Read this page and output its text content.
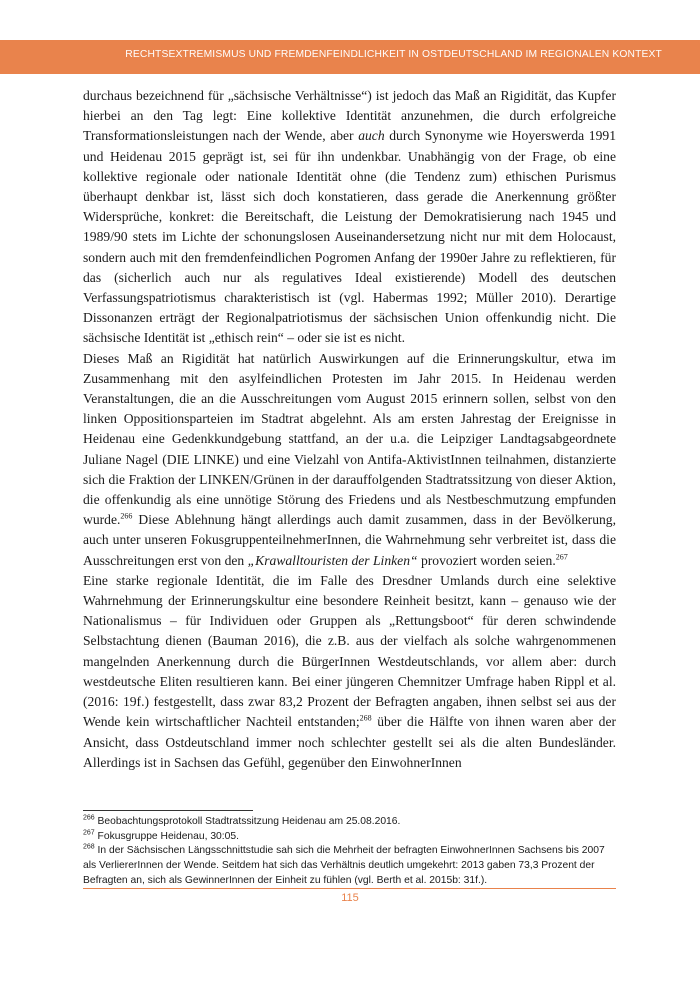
RECHTSEXTREMISMUS UND FREMDENFEINDLICHKEIT IN OSTDEUTSCHLAND IM REGIONALEN KONTEXT

durchaus bezeichnend für „sächsische Verhältnisse“) ist jedoch das Maß an Rigidität, das Kupfer hierbei an den Tag legt: Eine kollektive Identität anzunehmen, die durch erfolgreiche Transformationsleistungen nach der Wende, aber auch durch Synonyme wie Hoyerswerda 1991 und Heidenau 2015 geprägt ist, sei für ihn undenkbar. Unabhängig von der Frage, ob eine kollektive regionale oder nationale Identität ohne (die Tendenz zum) ethischen Purismus überhaupt denkbar ist, lässt sich doch konstatieren, dass gerade die Anerkennung größter Widersprüche, konkret: die Bereitschaft, die Leistung der Demokratisierung nach 1945 und 1989/90 stets im Lichte der schonungslosen Auseinandersetzung nicht nur mit dem Holocaust, sondern auch mit den fremdenfeindlichen Pogromen Anfang der 1990er Jahre zu reflektieren, für das (sicherlich auch nur als regulatives Ideal existierende) Modell des deutschen Verfassungspatriotismus charakteristisch ist (vgl. Habermas 1992; Müller 2010). Derartige Dissonanzen erträgt der Regionalpatriotismus der sächsischen Union offenkundig nicht. Die sächsische Identität ist „ethisch rein“ – oder sie ist es nicht.

Dieses Maß an Rigidität hat natürlich Auswirkungen auf die Erinnerungskultur, etwa im Zusammenhang mit den asylfeindlichen Protesten im Jahr 2015. In Heidenau werden Veranstaltungen, die an die Ausschreitungen vom August 2015 erinnern sollen, selbst von den linken Oppositionsparteien im Stadtrat abgelehnt. Als am ersten Jahrestag der Ereignisse in Heidenau eine Gedenkkundgebung stattfand, an der u.a. die Leipziger Landtagsabgeordnete Juliane Nagel (DIE LINKE) und eine Vielzahl von Antifa-AktivistInnen teilnahmen, distanzierte sich die Fraktion der LINKEN/Grünen in der darauffolgenden Stadtratssitzung von dieser Aktion, die offenkundig als eine unnötige Störung des Friedens und als Nestbeschmutzung empfunden wurde.$^{266}$ Diese Ablehnung hängt allerdings auch damit zusammen, dass in der Bevölkerung, auch unter unseren FokusgruppenteilnehmerInnen, die Wahrnehmung sehr verbreitet ist, dass die Ausschreitungen erst von den „Krawalltouristen der Linken“ provoziert worden seien.$^{267}$

Eine starke regionale Identität, die im Falle des Dresdner Umlands durch eine selektive Wahrnehmung der Erinnerungskultur eine besondere Reinheit besitzt, kann – genauso wie der Nationalismus – für Individuen oder Gruppen als „Rettungsboot“ für deren schwindende Selbstachtung dienen (Bauman 2016), die z.B. aus der vielfach als solche wahrgenommenen mangelnden Anerkennung durch die BürgerInnen Westdeutschlands, vor allem aber: durch westdeutsche Eliten resultieren kann. Bei einer jüngeren Chemnitzer Umfrage haben Rippl et al. (2016: 19f.) festgestellt, dass zwar 83,2 Prozent der Befragten angaben, ihnen selbst sei aus der Wende kein wirtschaftlicher Nachteil entstanden;$^{268}$ über die Hälfte von ihnen waren aber der Ansicht, dass Ostdeutschland immer noch schlechter gestellt sei als die alten Bundesländer. Allerdings ist in Sachsen das Gefühl, gegenüber den EinwohnerInnen

$^{266}$ Beobachtungsprotokoll Stadtratssitzung Heidenau am 25.08.2016.

$^{267}$ Fokusgruppe Heidenau, 30:05.

$^{268}$ In der Sächsischen Längsschnittstudie sah sich die Mehrheit der befragten EinwohnerInnen Sachsens bis 2007 als VerliererInnen der Wende. Seitdem hat sich das Verhältnis deutlich umgekehrt: 2013 gaben 73,3 Prozent der Befragten an, sich als GewinnerInnen der Einheit zu fühlen (vgl. Berth et al. 2015b: 31f.).

115
